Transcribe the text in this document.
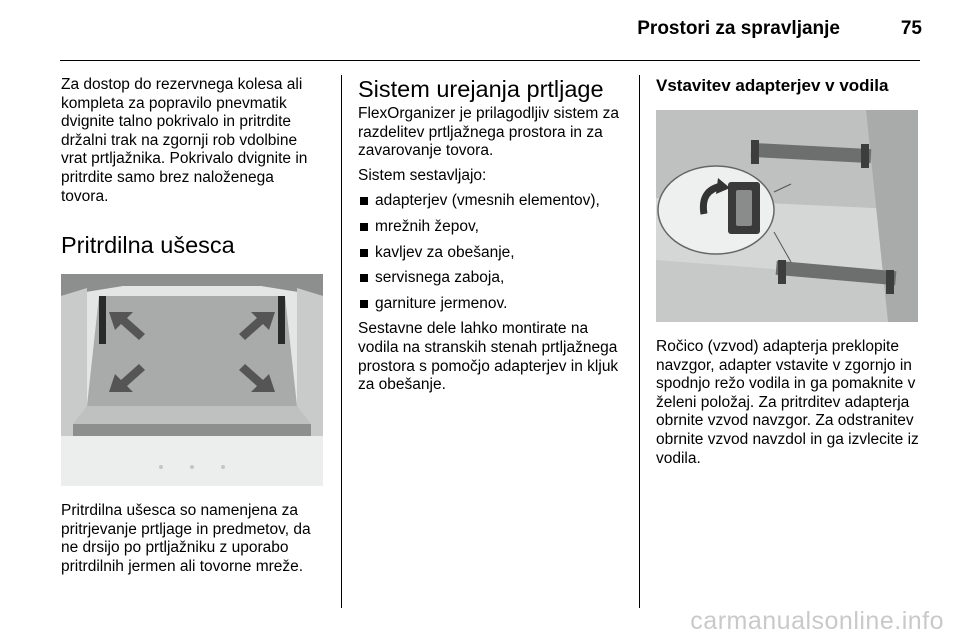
Prostori za spravljanje	75

Za dostop do rezervnega kolesa ali kompleta za popravilo pnevmatik dvignite talno pokrivalo in pritrdite držalni trak na zgornji rob vdolbine vrat prtljažnika. Pokrivalo dvignite in pritrdite samo brez naloženega tovora.

Pritrdilna ušesca

Pritrdilna ušesca so namenjena za pritrjevanje prtljage in predmetov, da ne drsijo po prtljažniku z uporabo pritrdilnih jermen ali tovorne mreže.

Sistem urejanja prtljage

FlexOrganizer je prilagodljiv sistem za razdelitev prtljažnega prostora in za zavarovanje tovora.

Sistem sestavljajo:

adapterjev (vmesnih elementov),
mrežnih žepov,
kavljev za obešanje,
servisnega zaboja,
garniture jermenov.

Sestavne dele lahko montirate na vodila na stranskih stenah prtljažnega prostora s pomočjo adapterjev in kljuk za obešanje.

Vstavitev adapterjev v vodila

Ročico (vzvod) adapterja preklopite navzgor, adapter vstavite v zgornjo in spodnjo režo vodila in ga pomaknite v želeni položaj. Za pritrditev adapterja obrnite vzvod navzgor. Za odstranitev obrnite vzvod navzdol in ga izvlecite iz vodila.

carmanualsonline.info
